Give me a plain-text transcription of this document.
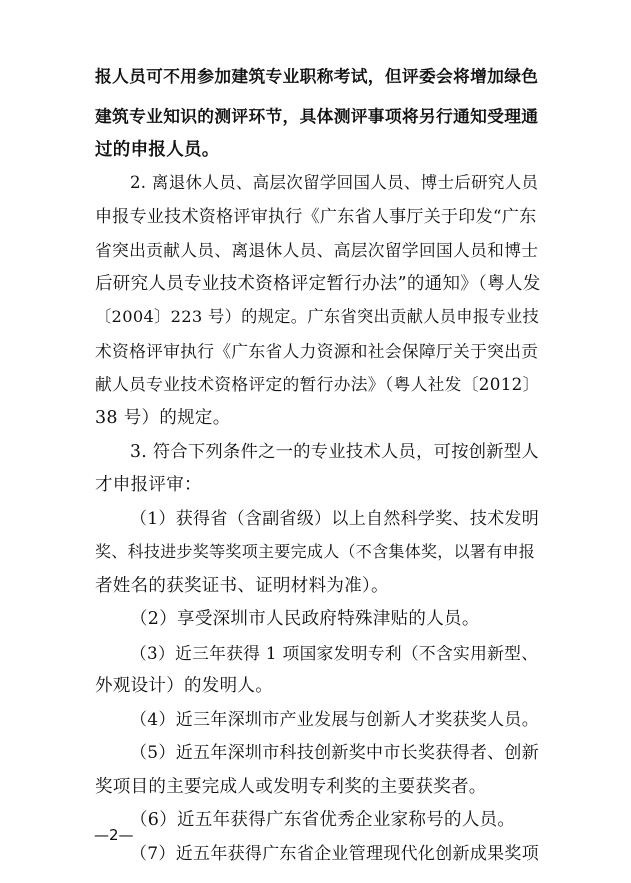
报人员可不用参加建筑专业职称考试，但评委会将增加绿色
建筑专业知识的测评环节，具体测评事项将另行通知受理通
过的申报人员。
2. 离退休人员、高层次留学回国人员、博士后研究人员
申报专业技术资格评审执行《广东省人事厅关于印发“广东
省突出贡献人员、离退休人员、高层次留学回国人员和博士
后研究人员专业技术资格评定暂行办法”的通知》（粤人发
〔2004〕223 号）的规定。广东省突出贡献人员申报专业技
术资格评审执行《广东省人力资源和社会保障厅关于突出贡
献人员专业技术资格评定的暂行办法》（粤人社发〔2012〕
38 号）的规定。
3. 符合下列条件之一的专业技术人员，可按创新型人
才申报评审：
（1）获得省（含副省级）以上自然科学奖、技术发明
奖、科技进步奖等奖项主要完成人（不含集体奖，以署有申报
者姓名的获奖证书、证明材料为准）。
（2）享受深圳市人民政府特殊津贴的人员。
（3）近三年获得 1 项国家发明专利（不含实用新型、
外观设计）的发明人。
（4）近三年深圳市产业发展与创新人才奖获奖人员。
（5）近五年深圳市科技创新奖中市长奖获得者、创新
奖项目的主要完成人或发明专利奖的主要获奖者。
（6）近五年获得广东省优秀企业家称号的人员。
（7）近五年获得广东省企业管理现代化创新成果奖项
—2—
